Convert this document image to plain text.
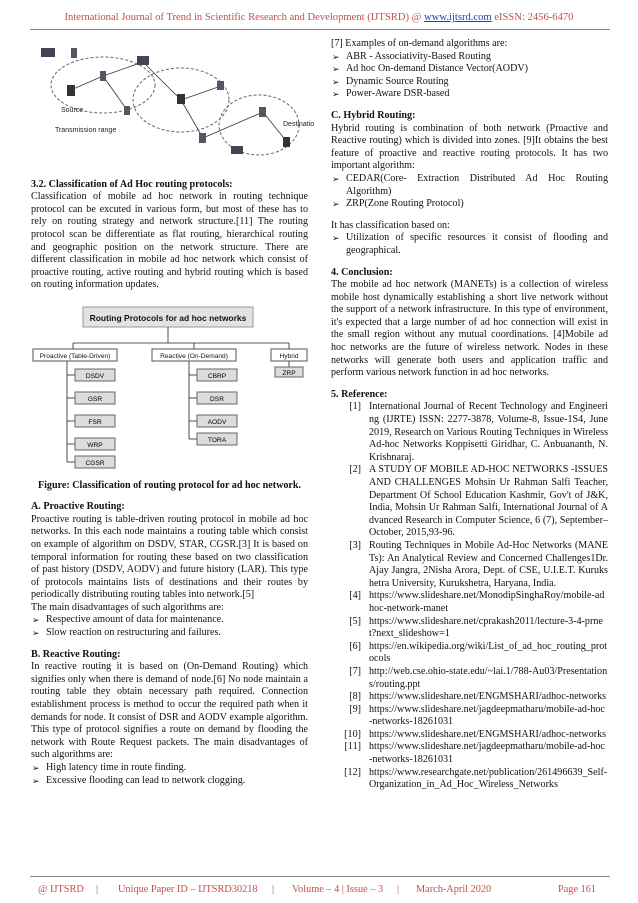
International Journal of Trend in Scientific Research and Development (IJTSRD) @ www.ijtsrd.com eISSN: 2456-6470
Source
Destinatio
Transmission range

3.2. Classification of Ad Hoc routing protocols:

Classification of mobile ad hoc network in routing technique protocol can be excuted in various form, but most of these has to rely on routing strategy and network structure.[11] The routing protocol scan be differentiate as flat routing, hierarchical routing and geographic position on the network structure. There are different classification in mobile ad hoc network which consist of proactive routing, active routing and hybrid routing which is based on routing information updates.

Routing Protocols for ad hoc networks
Proactive (Table-Driven)	Reactive (On-Demand)	Hybrid
DSDV
GSR
FSR
WRP
CGSR
CBRP
DSR
AODV
TORA
ZRP

Figure: Classification of routing protocol for ad hoc network.

A. Proactive Routing:

Proactive routing is table-driven routing protocol in mobile ad hoc networks. In this each node maintains a routing table which consist on example of algorithm on DSDV, STAR, CGSR.[3] It is based on temporal information for routing these based on two classification of past history (DSDV, AODV) and future history (LAR). This type of protocols maintains lists of destinations and their routes by periodically distributing routing tables into network.[5]

The main disadvantages of such algorithms are:

➢ Respective amount of data for maintenance.
➢ Slow reaction on restructuring and failures.

B. Reactive Routing:

In reactive routing it is based on (On-Demand Routing) which signifies only when there is demand of node.[6] No node maintain a routing table they obtain necessary path required. Connection establishment process is method to occur the required path when it demands for node. It consist of DSR and AODV example algorithm. This type of protocol signifies a route on demand by flooding the network with Route Request packets. The main disadvantages of such algorithms are:

➢ High latency time in route finding.
➢ Excessive flooding can lead to network clogging.

[7] Examples of on-demand algorithms are:

➢ ABR - Associativity-Based Routing
➢ Ad hoc On-demand Distance Vector(AODV)
➢ Dynamic Source Routing
➢ Power-Aware DSR-based

C. Hybrid Routing:

Hybrid routing is combination of both network (Proactive and Reactive routing) which is divided into zones. [9]It obtains the best feature of proactive and reactive routing protocols. It has two important algorithm:

➢ CEDAR(Core- Extraction Distributed Ad Hoc Routing Algorithm)
➢ ZRP(Zone Routing Protocol)

It has classification based on:

➢ Utilization of specific resources it consist of flooding and geographical.

4. Conclusion:

The mobile ad hoc network (MANETs) is a collection of wireless mobile host dynamically establishing a short live network without the support of a network infrastructure. In this type of environment, it's expected that a large number of ad hoc connection will exist in the small region without any mutual coordinations. [4]Mobile ad hoc networks are the future of wireless network. Nodes in these networks will generate both users and application traffic and perform various network function in ad hoc networks.

5. Reference:

[1] International Journal of Recent Technology and Engineering (IJRTE) ISSN: 2277-3878, Volume-8, Issue-1S4, June 2019, Research on Various Routing Techniques in Wireless Ad-hoc Networks Koppisetti Giridhar, C. Anbuananth, N. Krishnaraj.
[2] A STUDY OF MOBILE AD-HOC NETWORKS -ISSUES AND CHALLENGES Mohsin Ur Rahman Salfi Teacher, Department Of School Education Kashmir, Gov't of J&K, India, Mohsin Ur Rahman Salfi, International Journal of Advanced Research in Computer Science, 6 (7), September–October, 2015,93-96.
[3] Routing Techniques in Mobile Ad-Hoc Networks (MANETs): An Analytical Review and Concerned Challenges1Dr. Ajay Jangra, 2Nisha Arora, Dept. of CSE, U.I.E.T. Kurukshetra University, Kurukshetra, Haryana, India.
[4] https://www.slideshare.net/MonodipSinghaRoy/mobile-adhoc-network-manet
[5] https://www.slideshare.net/cprakash2011/lecture-3-4-prnet?next_slideshow=1
[6] https://en.wikipedia.org/wiki/List_of_ad_hoc_routing_protocols
[7] http://web.cse.ohio-state.edu/~lai.1/788-Au03/Presentations/routing.ppt
[8] https://www.slideshare.net/ENGMSHARI/adhoc-networks
[9] https://www.slideshare.net/jagdeepmatharu/mobile-ad-hoc-networks-18261031
[10] https://www.slideshare.net/ENGMSHARI/adhoc-networks
[11] https://www.slideshare.net/jagdeepmatharu/mobile-ad-hoc-networks-18261031
[12] https://www.researchgate.net/publication/261496639_Self-Organization_in_Ad_Hoc_Wireless_Networks
@ IJTSRD | Unique Paper ID – IJTSRD30218 | Volume – 4 | Issue – 3 | March-April 2020	Page 161
